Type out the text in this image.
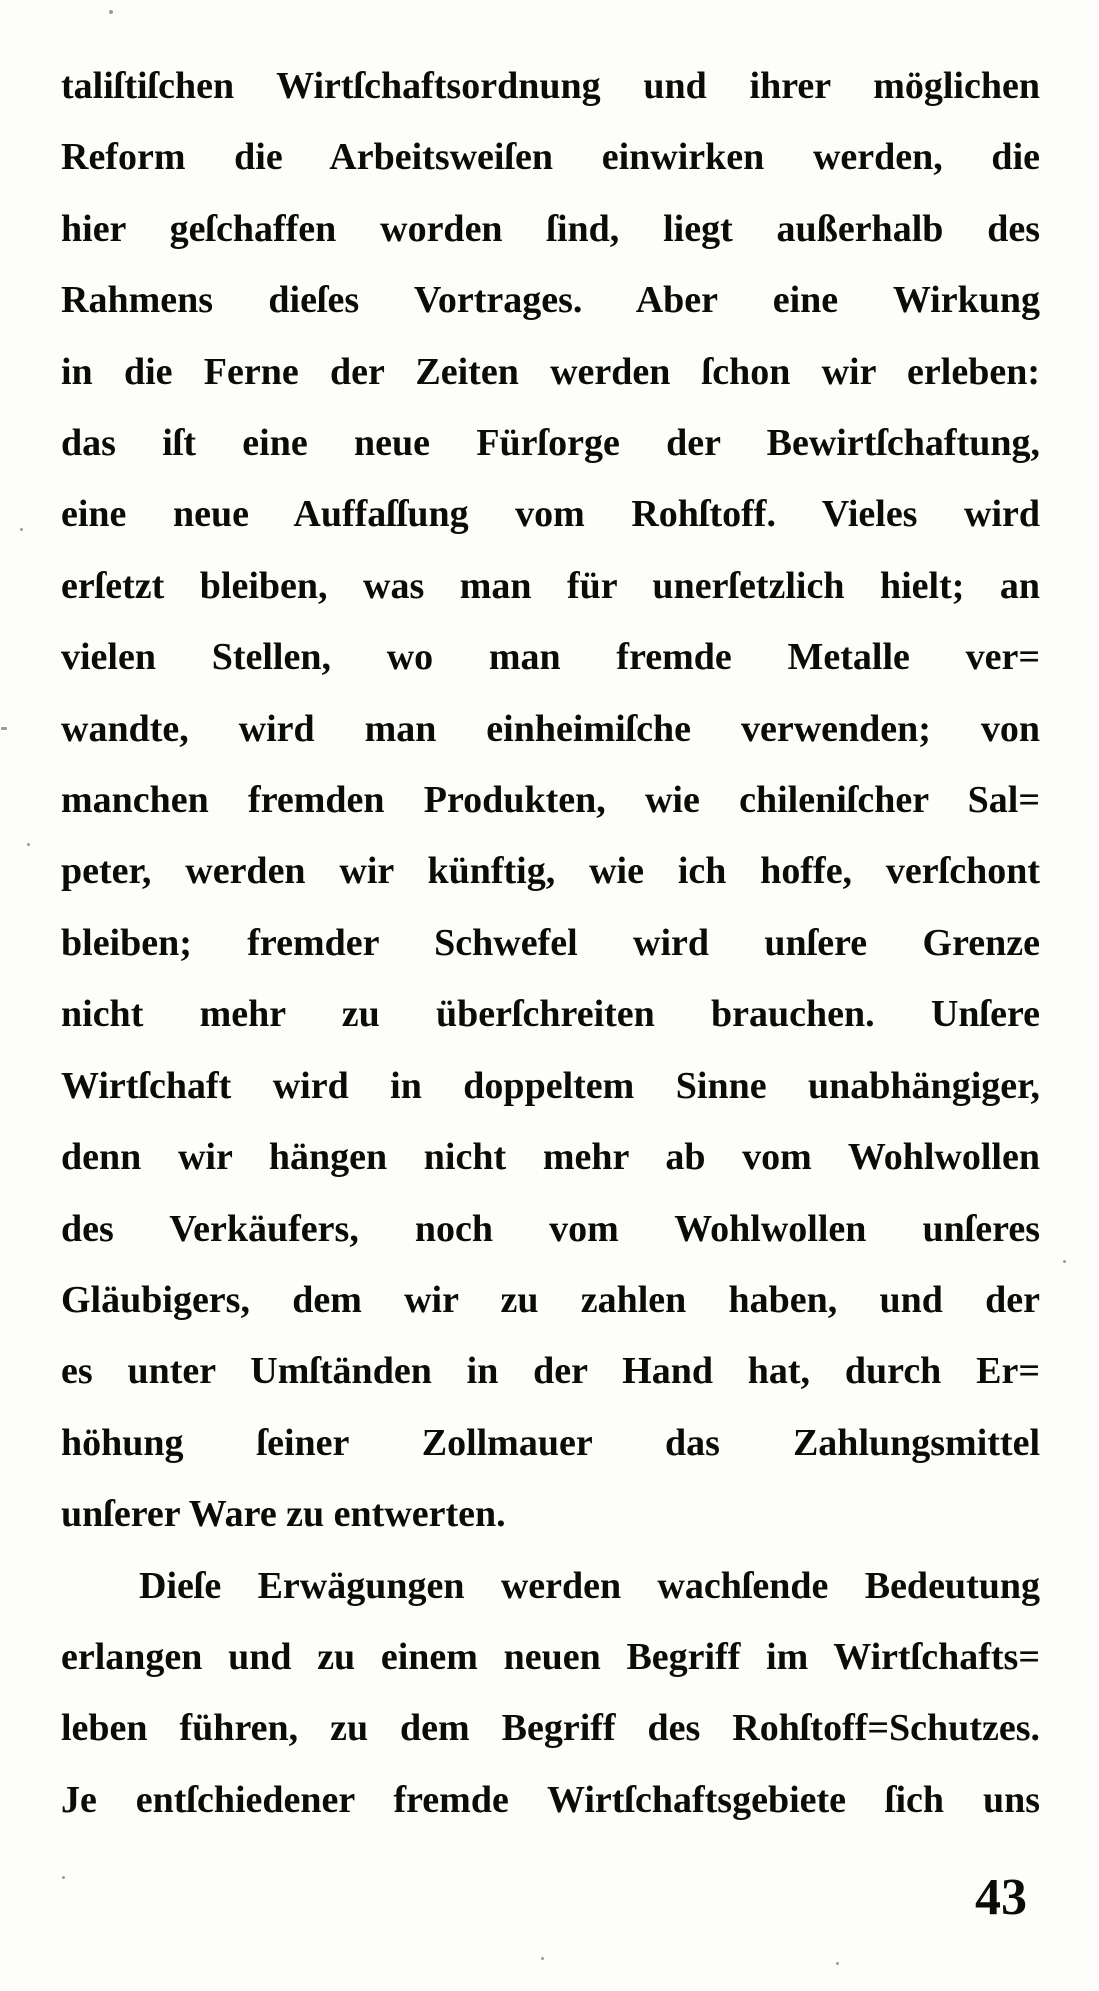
taliſtiſchen Wirtſchaftsordnung und ihrer möglichen
Reform die Arbeitsweiſen einwirken werden, die
hier geſchaffen worden ſind, liegt außerhalb des
Rahmens dieſes Vortrages. Aber eine Wirkung
in die Ferne der Zeiten werden ſchon wir erleben:
das iſt eine neue Fürſorge der Bewirtſchaftung,
eine neue Auffaſſung vom Rohſtoff. Vieles wird
erſetzt bleiben, was man für unerſetzlich hielt; an
vielen Stellen, wo man fremde Metalle ver=
wandte, wird man einheimiſche verwenden; von
manchen fremden Produkten, wie chileniſcher Sal=
peter, werden wir künftig, wie ich hoffe, verſchont
bleiben; fremder Schwefel wird unſere Grenze
nicht mehr zu überſchreiten brauchen. Unſere
Wirtſchaft wird in doppeltem Sinne unabhängiger,
denn wir hängen nicht mehr ab vom Wohlwollen
des Verkäufers, noch vom Wohlwollen unſeres
Gläubigers, dem wir zu zahlen haben, und der
es unter Umſtänden in der Hand hat, durch Er=
höhung ſeiner Zollmauer das Zahlungsmittel
unſerer Ware zu entwerten.
Dieſe Erwägungen werden wachſende Bedeutung
erlangen und zu einem neuen Begriff im Wirtſchafts=
leben führen, zu dem Begriff des Rohſtoff=Schutzes.
Je entſchiedener fremde Wirtſchaftsgebiete ſich uns
43
